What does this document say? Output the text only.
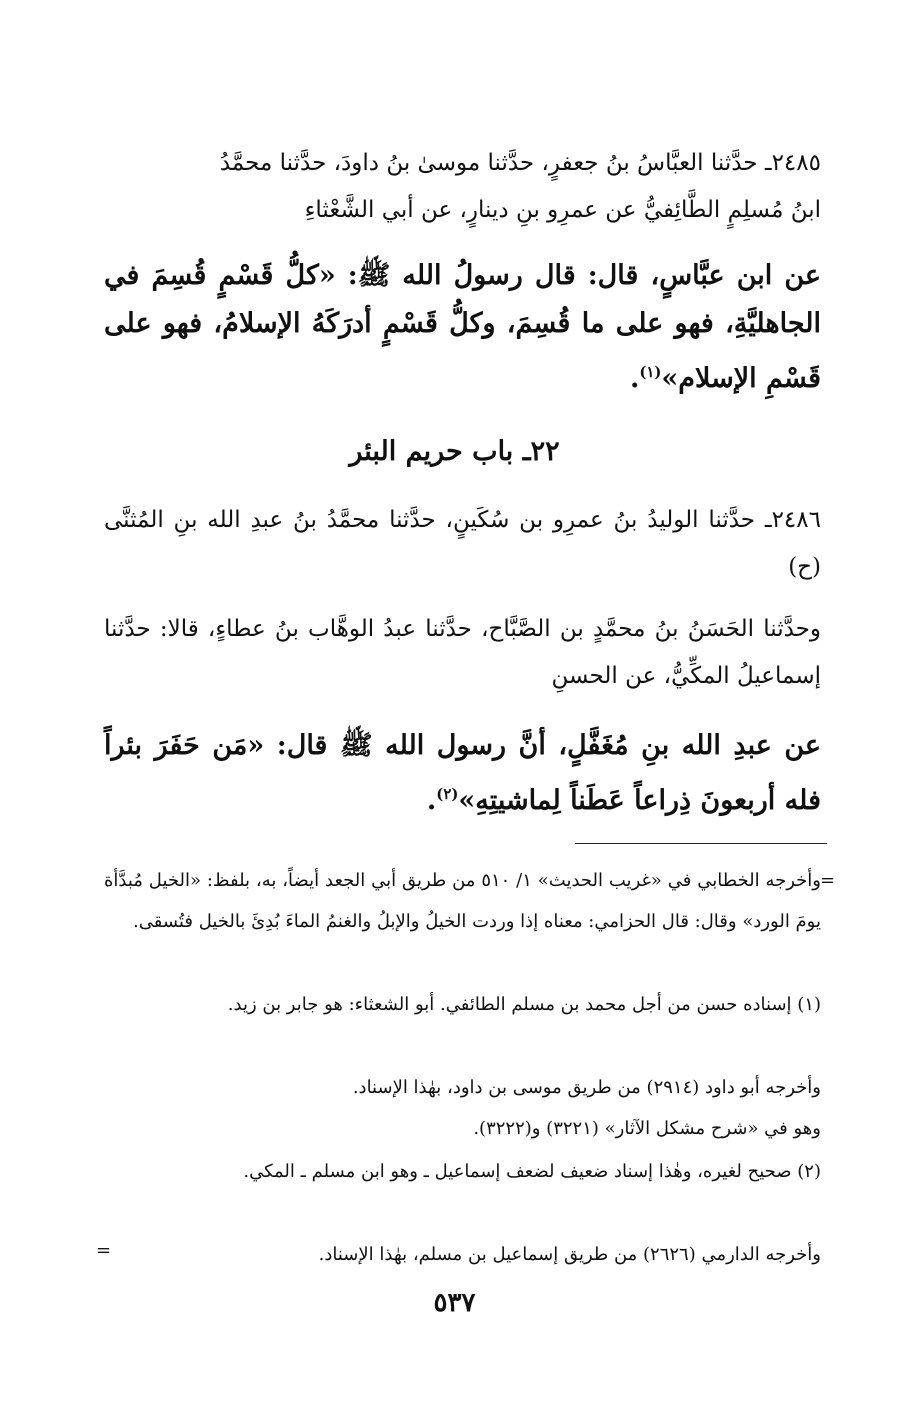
٢٤٨٥ـ حدَّثنا العبَّاسُ بنُ جعفرٍ، حدَّثنا موسىٰ بنُ داودَ، حدَّثنا محمَّدُ
ابنُ مُسلِمٍ الطَّائِفيُّ عن عمرِو بنِ دينارٍ، عن أبي الشَّعْثاءِ
عن ابن عبَّاسٍ، قال: قال رسولُ الله ﷺ: «كلُّ قَسْمٍ قُسِمَ في الجاهليَّةِ، فهو على ما قُسِمَ، وكلُّ قَسْمٍ أدرَكَهُ الإسلامُ، فهو على قَسْمِ الإسلام»$^{(١)}$.
٢٢ـ باب حريم البئر
٢٤٨٦ـ حدَّثنا الوليدُ بنُ عمرِو بن سُكَينٍ، حدَّثنا محمَّدُ بنُ عبدِ الله بنِ المُثنَّى (ح)
وحدَّثنا الحَسَنُ بنُ محمَّدٍ بن الصَّبَّاح، حدَّثنا عبدُ الوهَّاب بنُ عطاءٍ، قالا: حدَّثنا إسماعيلُ المكِّيُّ، عن الحسنِ
عن عبدِ الله بنِ مُغَفَّلٍ، أنَّ رسول الله ﷺ قال: «مَن حَفَرَ بئراً فله أربعونَ ذِراعاً عَطَناً لِماشيتِهِ»$^{(٢)}$.
=
وأخرجه الخطابي في «غريب الحديث» ١/ ٥١٠ من طريق أبي الجعد أيضاً، به، بلفظ: «الخيل مُبدَّأة يومَ الورد» وقال: قال الحزامي: معناه إذا وردت الخيلُ والإبلُ والغنمُ الماءَ بُدِئَ بالخيل فتُسقى.
(١) إسناده حسن من أجل محمد بن مسلم الطائفي. أبو الشعثاء: هو جابر بن زيد.
وأخرجه أبو داود (٢٩١٤) من طريق موسى بن داود، بهٰذا الإسناد.
وهو في «شرح مشكل الآثار» (٣٢٢١) و(٣٢٢٢).
(٢) صحيح لغيره، وهٰذا إسناد ضعيف لضعف إسماعيل ـ وهو ابن مسلم ـ المكي.
وأخرجه الدارمي (٢٦٢٦) من طريق إسماعيل بن مسلم، بهٰذا الإسناد.
=
٥٣٧
